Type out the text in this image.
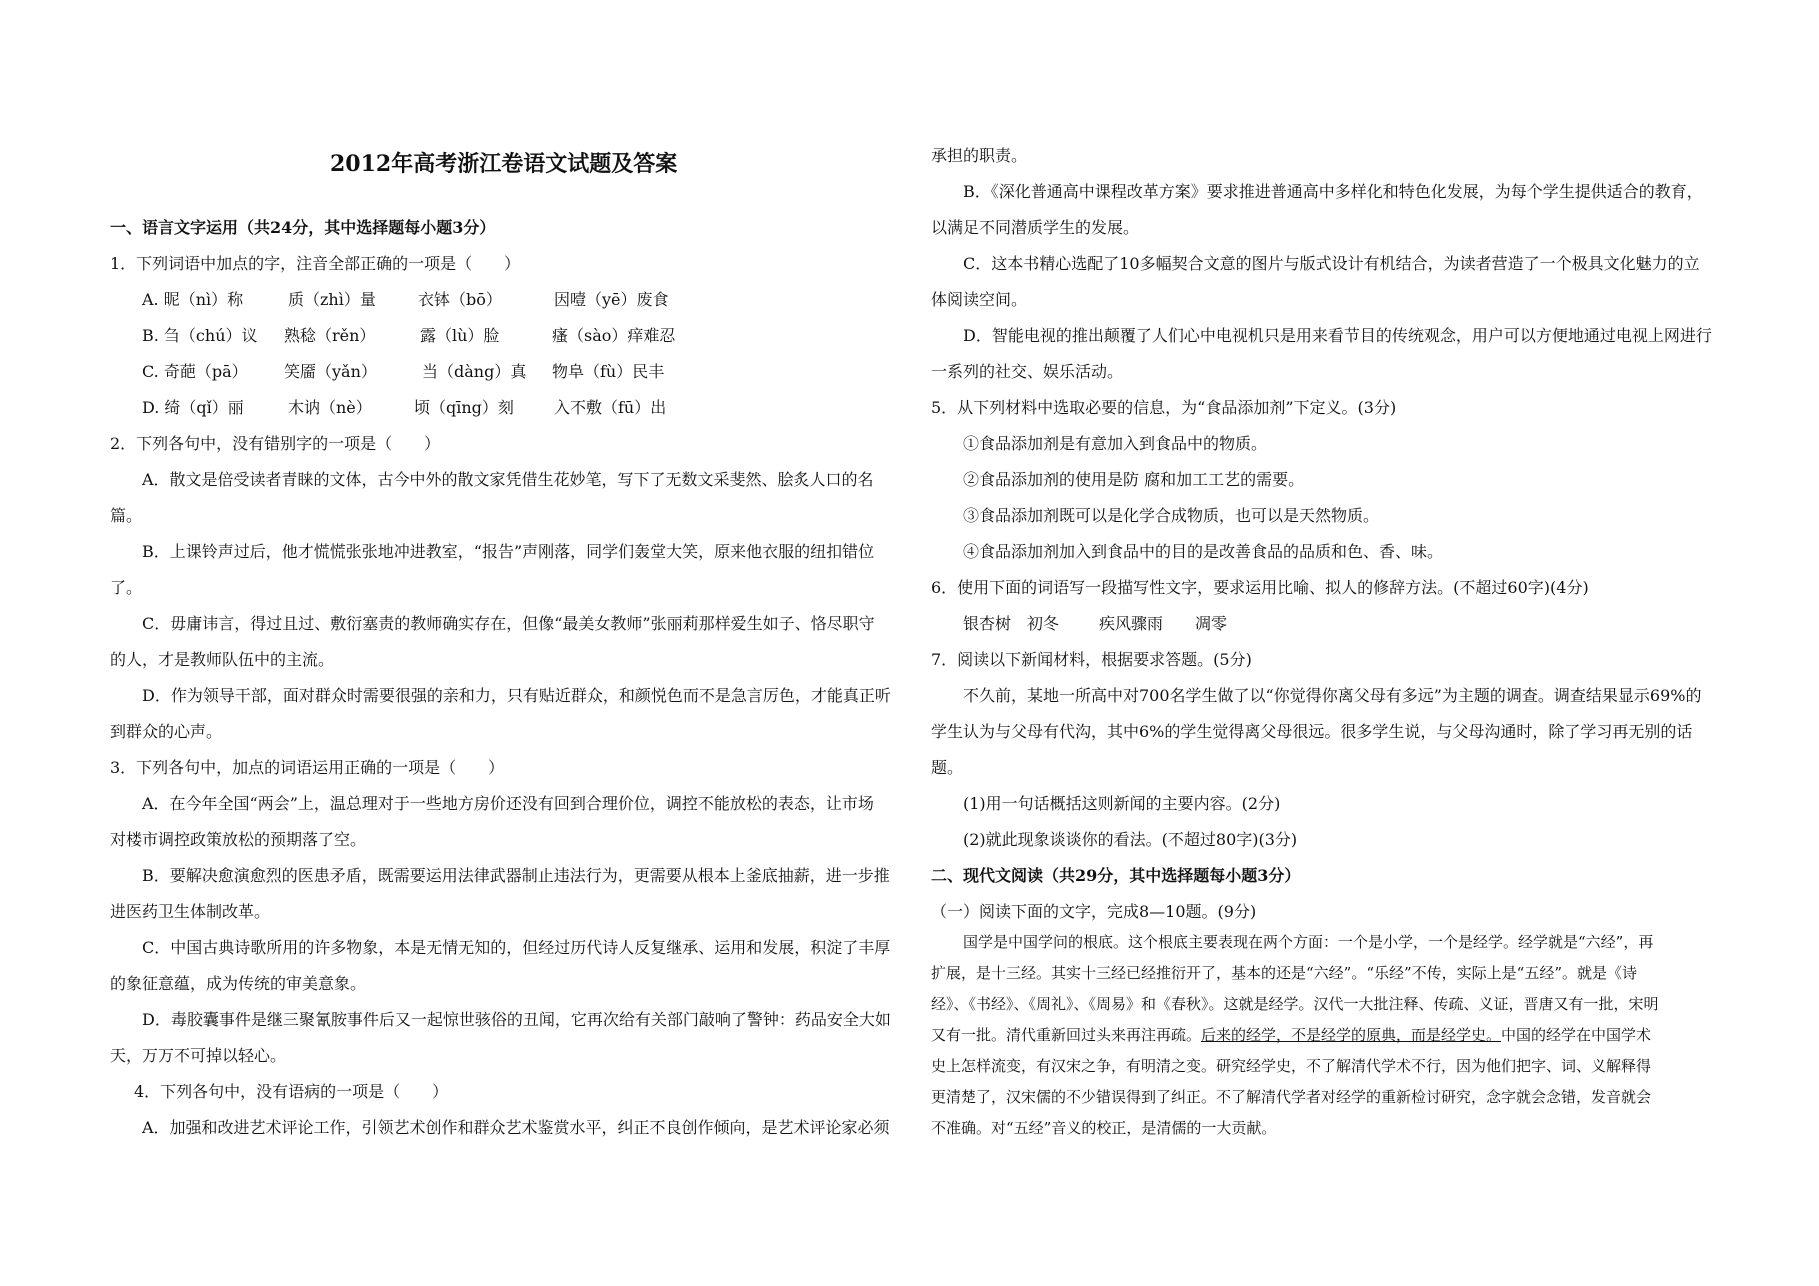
2012年高考浙江卷语文试题及答案
一、语言文字运用（共24分，其中选择题每小题3分）
1．下列词语中加点的字，注音全部正确的一项是（　　）
A. 昵（nì）称	质（zhì）量	衣钵（bō）	因噎（yē）废食
B. 刍（chú）议 熟稔（rěn）	露（lù）脸	瘙（sào）痒难忍
C. 奇葩（pā） 笑靥（yǎn）	当（dàng）真 物阜（fù）民丰
D. 绮（qǐ）丽	木讷（nè）	顷（qīng）刻	入不敷（fū）出
2．下列各句中，没有错别字的一项是（　　）
A．散文是倍受读者青睐的文体，古今中外的散文家凭借生花妙笔，写下了无数文采斐然、脍炙人口的名
篇。
B．上课铃声过后，他才慌慌张张地冲进教室，“报告”声刚落，同学们轰堂大笑，原来他衣服的纽扣错位
了。
C．毋庸讳言，得过且过、敷衍塞责的教师确实存在，但像“最美女教师”张丽莉那样爱生如子、恪尽职守
的人，才是教师队伍中的主流。
D．作为领导干部，面对群众时需要很强的亲和力，只有贴近群众，和颜悦色而不是急言厉色，才能真正听
到群众的心声。
3．下列各句中，加点的词语运用正确的一项是（　　）
A．在今年全国“两会”上，温总理对于一些地方房价还没有回到合理价位，调控不能放松的表态，让市场
对楼市调控政策放松的预期落了空。
B．要解决愈演愈烈的医患矛盾，既需要运用法律武器制止违法行为，更需要从根本上釜底抽薪，进一步推
进医药卫生体制改革。
C．中国古典诗歌所用的许多物象，本是无情无知的，但经过历代诗人反复继承、运用和发展，积淀了丰厚
的象征意蕴，成为传统的审美意象。
D．毒胶囊事件是继三聚氰胺事件后又一起惊世骇俗的丑闻，它再次给有关部门敲响了警钟：药品安全大如
天，万万不可掉以轻心。
4．下列各句中，没有语病的一项是（　　）
A．加强和改进艺术评论工作，引领艺术创作和群众艺术鉴赏水平，纠正不良创作倾向，是艺术评论家必须
承担的职责。
B．《深化普通高中课程改革方案》要求推进普通高中多样化和特色化发展，为每个学生提供适合的教育，
以满足不同潜质学生的发展。
C．这本书精心选配了10多幅契合文意的图片与版式设计有机结合，为读者营造了一个极具文化魅力的立
体阅读空间。
D．智能电视的推出颠覆了人们心中电视机只是用来看节目的传统观念，用户可以方便地通过电视上网进行
一系列的社交、娱乐活动。
5．从下列材料中选取必要的信息，为“食品添加剂”下定义。(3分)
①食品添加剂是有意加入到食品中的物质。
②食品添加剂的使用是防 腐和加工工艺的需要。
③食品添加剂既可以是化学合成物质，也可以是天然物质。
④食品添加剂加入到食品中的目的是改善食品的品质和色、香、味。
6．使用下面的词语写一段描写性文字，要求运用比喻、拟人的修辞方法。(不超过60字)(4分)
银杏树 初冬 疾风骤雨 凋零
7．阅读以下新闻材料，根据要求答题。(5分)
不久前，某地一所高中对700名学生做了以“你觉得你离父母有多远”为主题的调查。调查结果显示69%的
学生认为与父母有代沟，其中6%的学生觉得离父母很远。很多学生说，与父母沟通时，除了学习再无别的话
题。
(1)用一句话概括这则新闻的主要内容。(2分)
(2)就此现象谈谈你的看法。(不超过80字)(3分)
二、现代文阅读（共29分，其中选择题每小题3分）
（一）阅读下面的文字，完成8—10题。(9分)
国学是中国学问的根底。这个根底主要表现在两个方面：一个是小学，一个是经学。经学就是“六经”，再
扩展，是十三经。其实十三经已经推衍开了，基本的还是“六经”。“乐经”不传，实际上是“五经”。就是《诗
经》、《书经》、《周礼》、《周易》和《春秋》。这就是经学。汉代一大批注释、传疏、义证，晋唐又有一批，宋明
又有一批。清代重新回过头来再注再疏。后来的经学，不是经学的原典，而是经学史。中国的经学在中国学术
史上怎样流变，有汉宋之争，有明清之变。研究经学史，不了解清代学术不行，因为他们把字、词、义解释得
更清楚了，汉宋儒的不少错误得到了纠正。不了解清代学者对经学的重新检讨研究，念字就会念错，发音就会
不准确。对“五经”音义的校正，是清儒的一大贡献。
